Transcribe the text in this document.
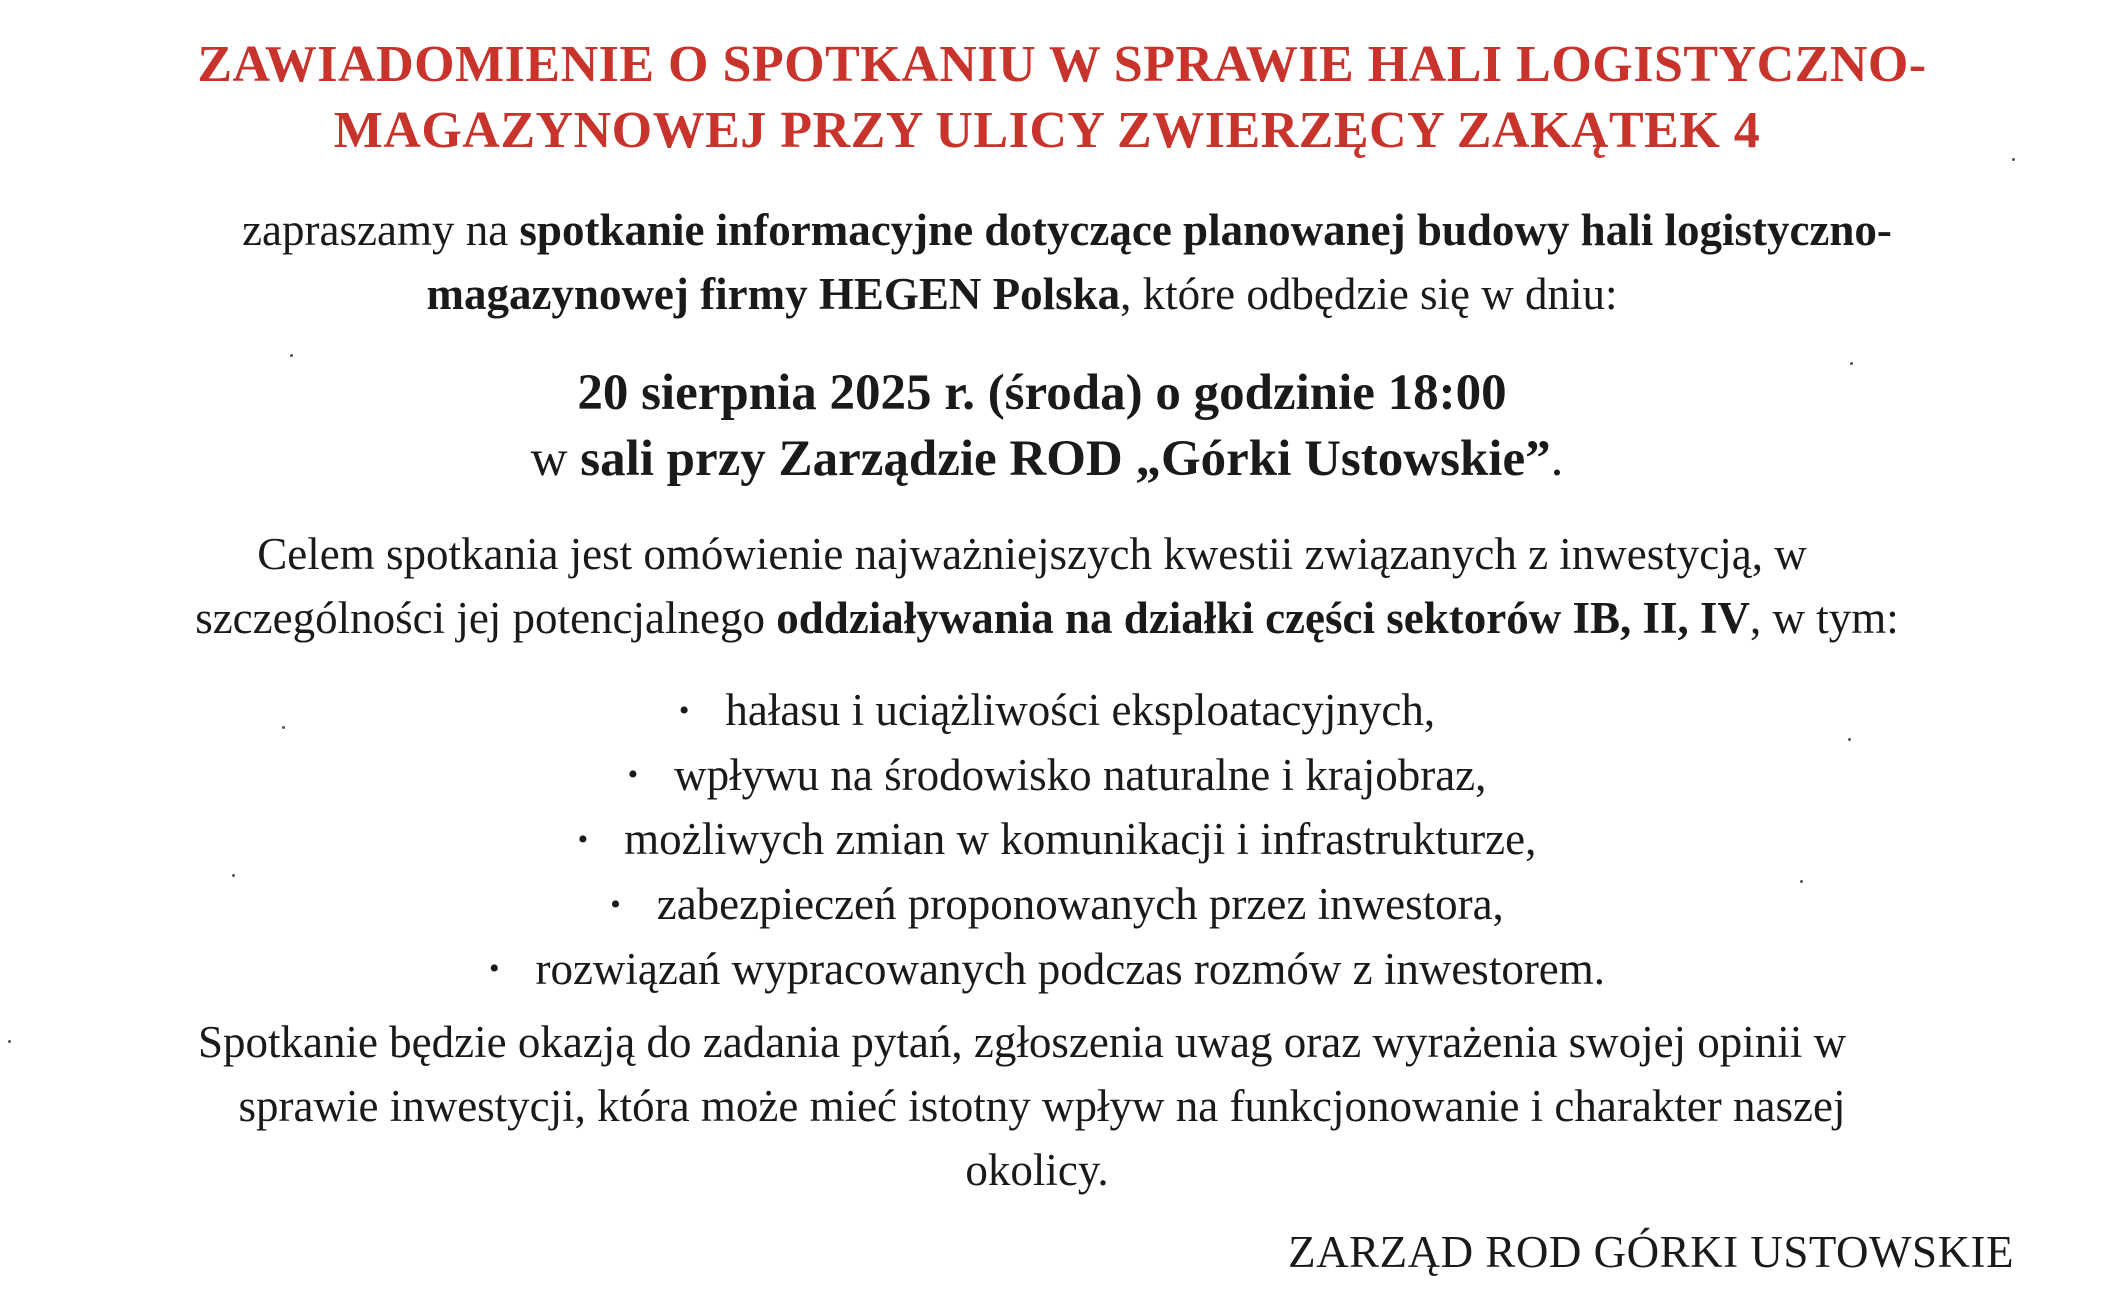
ZAWIADOMIENIE O SPOTKANIU W SPRAWIE HALI LOGISTYCZNO-
MAGAZYNOWEJ PRZY ULICY ZWIERZĘCY ZAKĄTEK 4
zapraszamy na spotkanie informacyjne dotyczące planowanej budowy hali logistyczno-
magazynowej firmy HEGEN Polska, które odbędzie się w dniu:
20 sierpnia 2025 r. (środa) o godzinie 18:00
w sali przy Zarządzie ROD „Górki Ustowskie”.
Celem spotkania jest omówienie najważniejszych kwestii związanych z inwestycją, w
szczególności jej potencjalnego oddziaływania na działki części sektorów IB, II, IV, w tym:
• hałasu i uciążliwości eksploatacyjnych,
• wpływu na środowisko naturalne i krajobraz,
• możliwych zmian w komunikacji i infrastrukturze,
• zabezpieczeń proponowanych przez inwestora,
• rozwiązań wypracowanych podczas rozmów z inwestorem.
Spotkanie będzie okazją do zadania pytań, zgłoszenia uwag oraz wyrażenia swojej opinii w
sprawie inwestycji, która może mieć istotny wpływ na funkcjonowanie i charakter naszej
okolicy.
ZARZĄD ROD GÓRKI USTOWSKIE
